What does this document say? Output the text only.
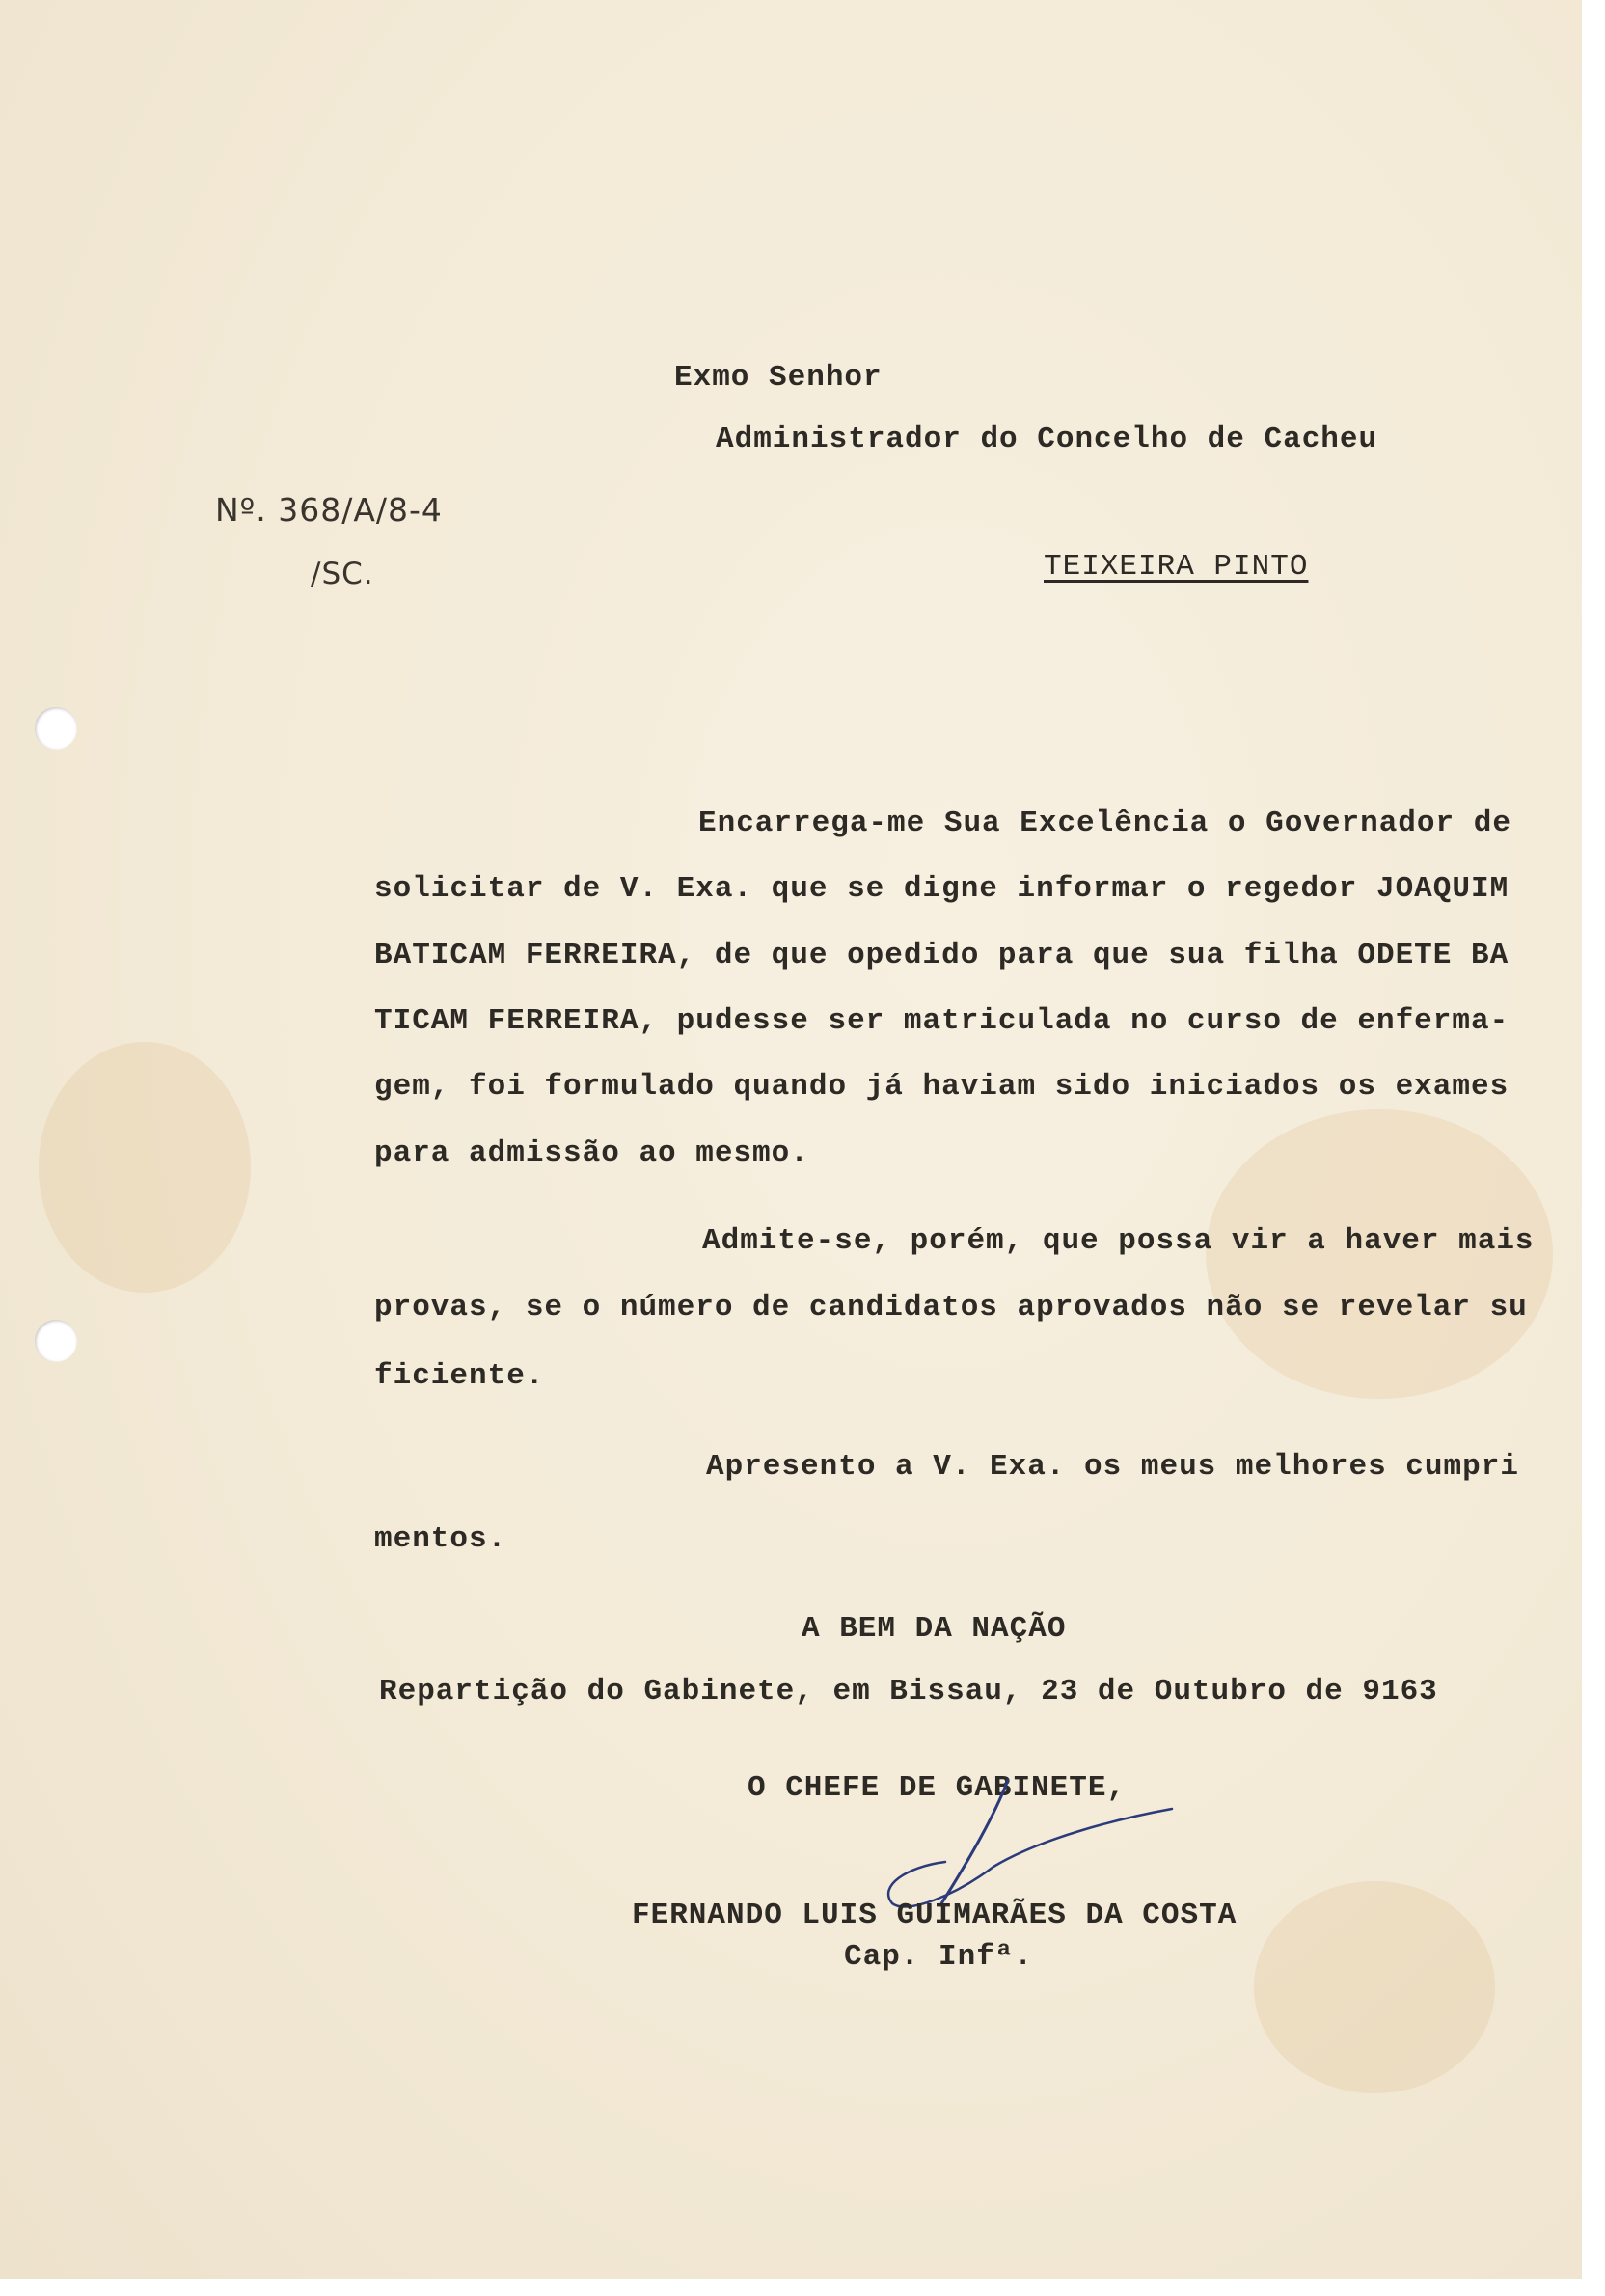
Exmo Senhor
Administrador do Concelho de Cacheu
Nº. 368/A/8-4
/SC.	TEIXEIRA PINTO
Encarrega-me Sua Excelência o Governador de
solicitar de V. Exa. que se digne informar o regedor JOAQUIM
BATICAM FERREIRA, de que opedido para que sua filha ODETE BA
TICAM FERREIRA, pudesse ser matriculada no curso de enferma-
gem, foi formulado quando já haviam sido iniciados os exames
para admissão ao mesmo.
Admite-se, porém, que possa vir a haver mais
provas, se o número de candidatos aprovados não se revelar su
ficiente.
Apresento a V. Exa. os meus melhores cumpri
mentos.
A BEM DA NAÇÃO
Repartição do Gabinete, em Bissau, 23 de Outubro de 9163
O CHEFE DE GABINETE,
FERNANDO LUIS GUIMARÃES DA COSTA
Cap. Infª.
